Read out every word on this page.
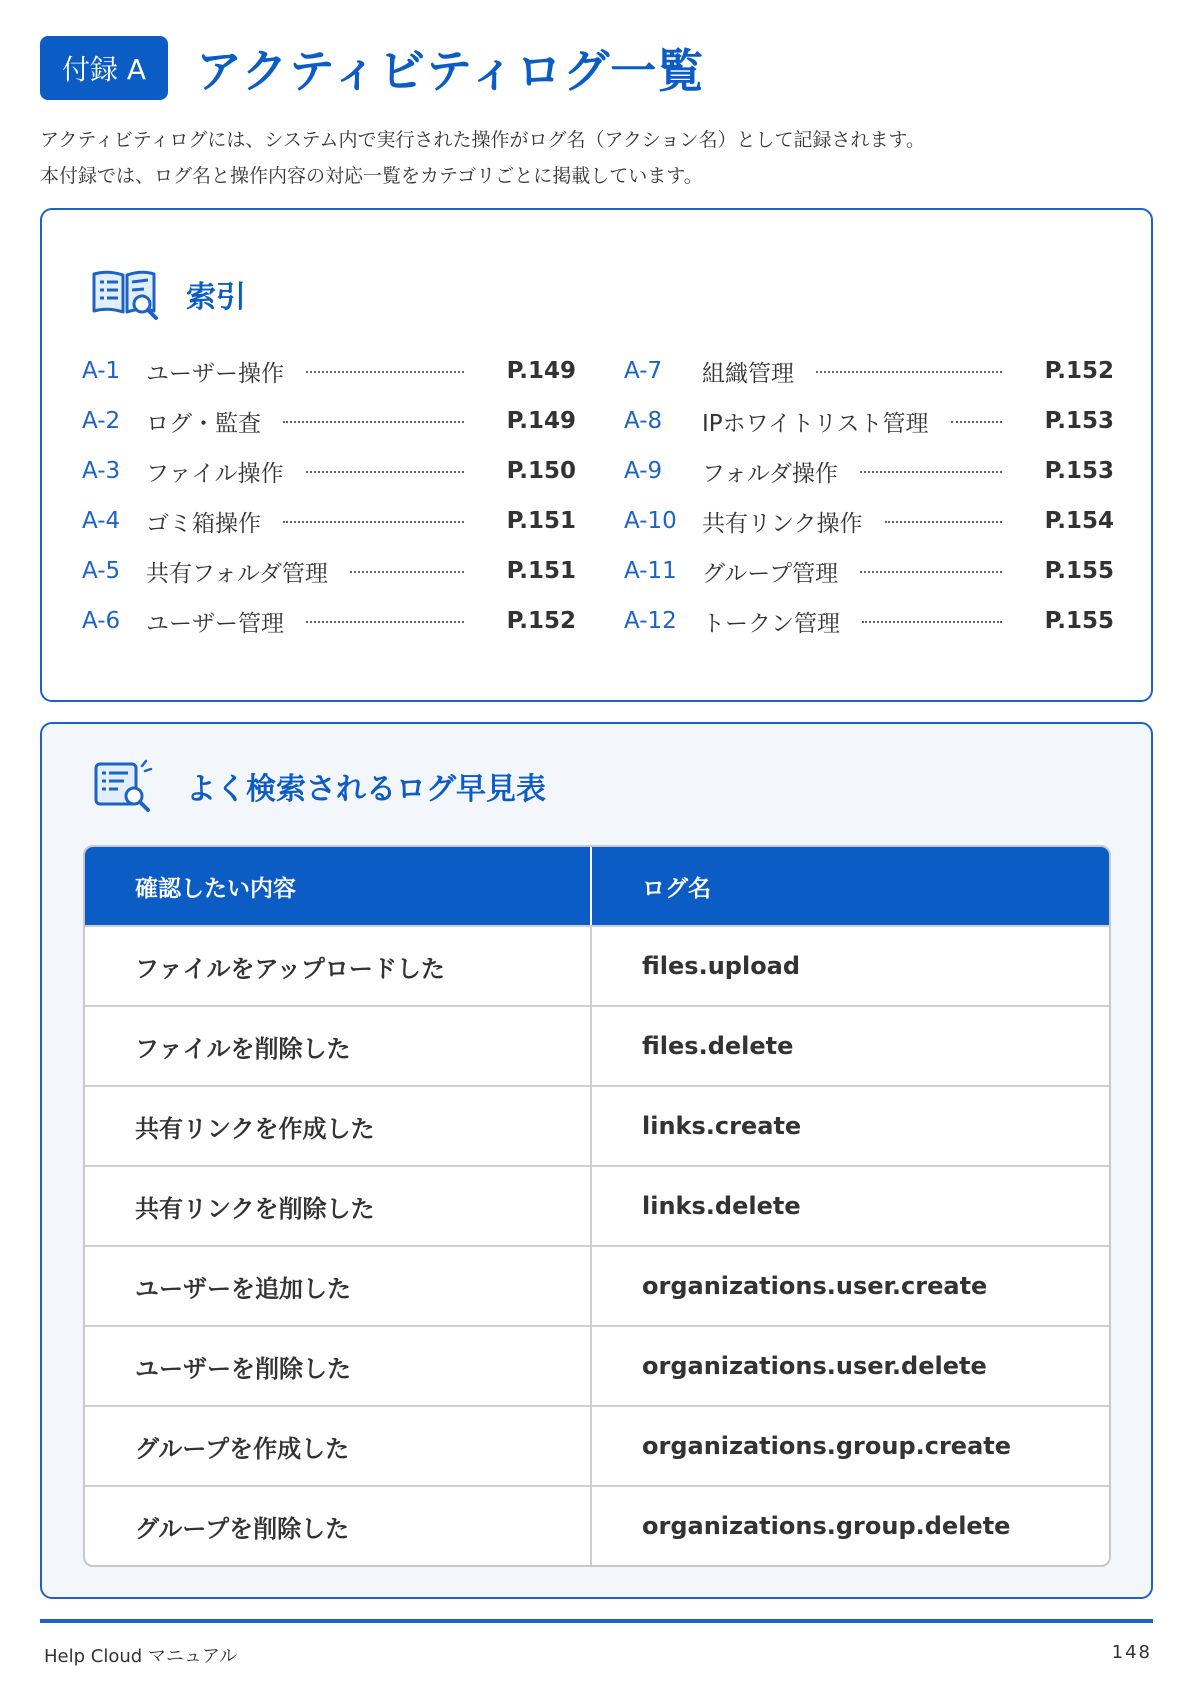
付録 A	アクティビティログ一覧
アクティビティログには、システム内で実行された操作がログ名（アクション名）として記録されます。
本付録では、ログ名と操作内容の対応一覧をカテゴリごとに掲載しています。
索引
A-1	ユーザー操作	P.149
A-2	ログ・監査	P.149
A-3	ファイル操作	P.150
A-4	ゴミ箱操作	P.151
A-5	共有フォルダ管理	P.151
A-6	ユーザー管理	P.152
A-7	組織管理	P.152
A-8	IPホワイトリスト管理	P.153
A-9	フォルダ操作	P.153
A-10	共有リンク操作	P.154
A-11	グループ管理	P.155
A-12	トークン管理	P.155
よく検索されるログ早見表
確認したい内容	ログ名
ファイルをアップロードした	files.upload
ファイルを削除した	files.delete
共有リンクを作成した	links.create
共有リンクを削除した	links.delete
ユーザーを追加した	organizations.user.create
ユーザーを削除した	organizations.user.delete
グループを作成した	organizations.group.create
グループを削除した	organizations.group.delete
Help Cloud マニュアル	148
